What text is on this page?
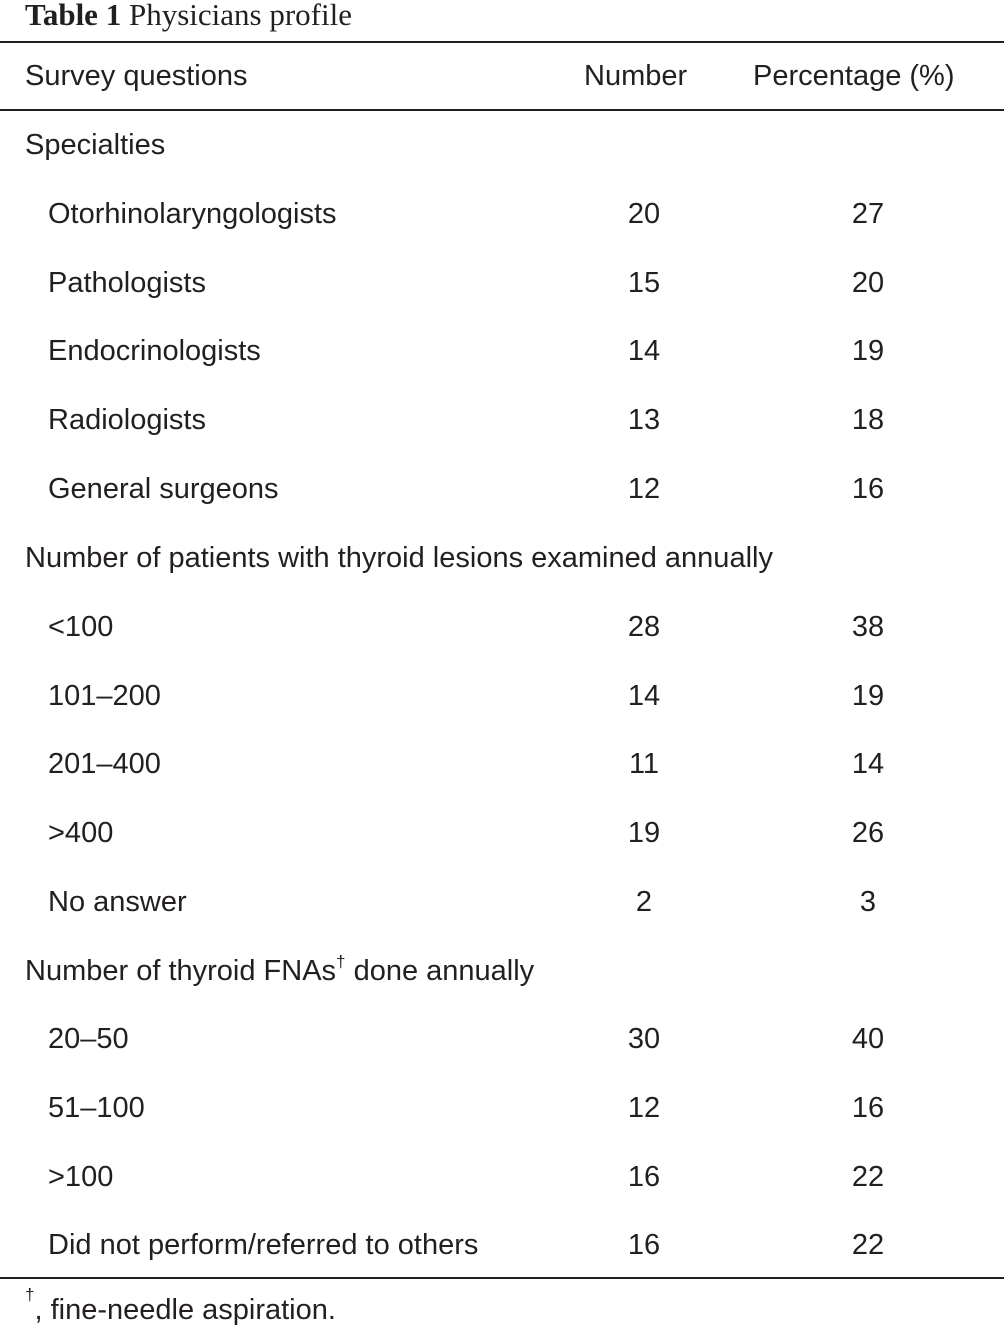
Table 1 Physicians profile
Survey questions	Number Percentage (%)
Specialties
Otorhinolaryngologists	20	27
Pathologists	15	20
Endocrinologists	14	19
Radiologists	13	18
General surgeons	12	16
Number of patients with thyroid lesions examined annually
<100	28	38
101–200	14	19
201–400	11	14
>400	19	26
No answer	2	3
Number of thyroid FNAs† done annually
20–50	30	40
51–100	12	16
>100	16	22
Did not perform/referred to others	16	22
†, fine-needle aspiration.
